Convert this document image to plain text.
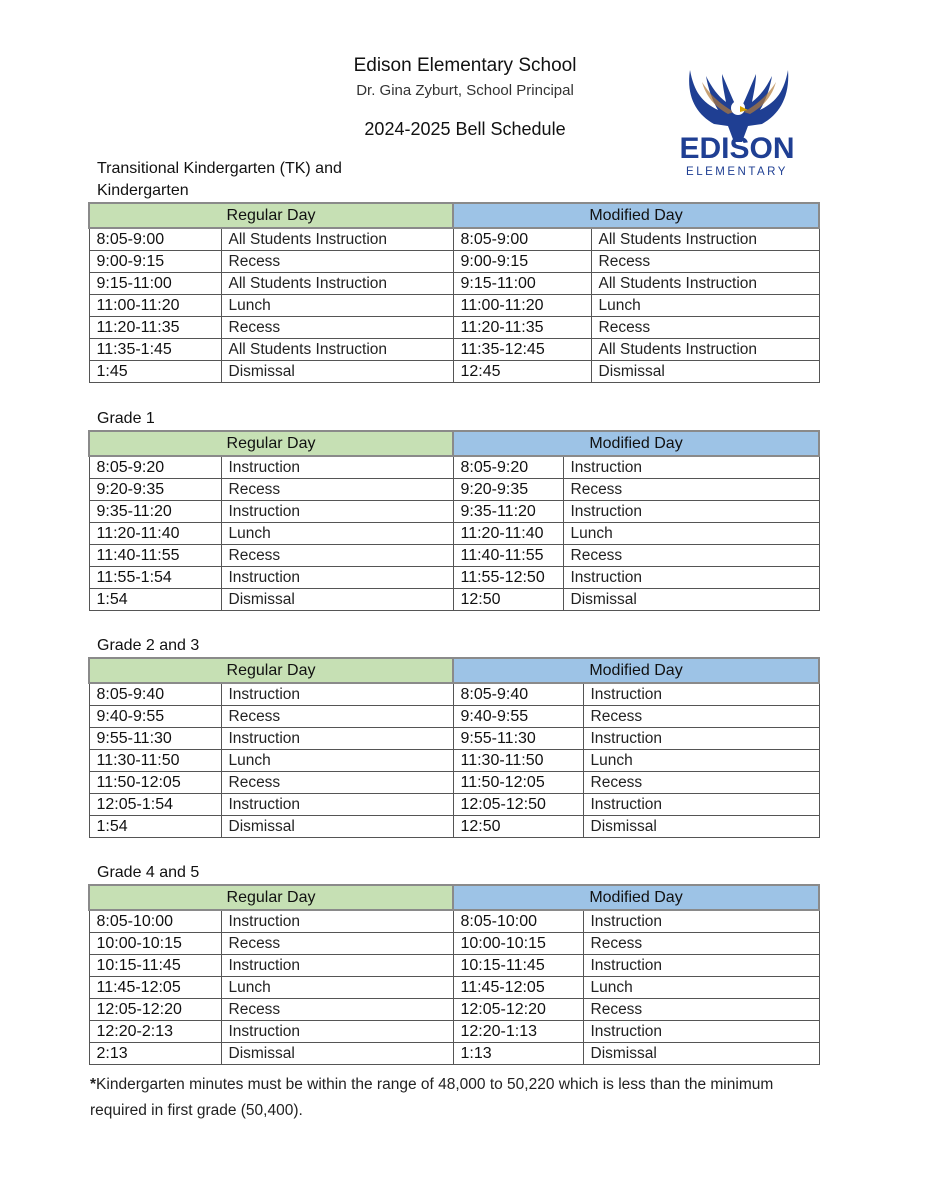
Edison Elementary School
Dr. Gina Zyburt, School Principal
2024-2025 Bell Schedule
EDISON
ELEMENTARY
Transitional Kindergarten (TK) and Kindergarten
Regular Day		Modified Day	
8:05-9:00	All Students Instruction	8:05-9:00	All Students Instruction
9:00-9:15	Recess	9:00-9:15	Recess
9:15-11:00	All Students Instruction	9:15-11:00	All Students Instruction
11:00-11:20	Lunch	11:00-11:20	Lunch
11:20-11:35	Recess	11:20-11:35	Recess
11:35-1:45	All Students Instruction	11:35-12:45	All Students Instruction
1:45	Dismissal	12:45	Dismissal
Grade 1
Regular Day		Modified Day	
8:05-9:20	Instruction	8:05-9:20	Instruction
9:20-9:35	Recess	9:20-9:35	Recess
9:35-11:20	Instruction	9:35-11:20	Instruction
11:20-11:40	Lunch	11:20-11:40	Lunch
11:40-11:55	Recess	11:40-11:55	Recess
11:55-1:54	Instruction	11:55-12:50	Instruction
1:54	Dismissal	12:50	Dismissal
Grade 2 and 3
Regular Day		Modified Day	
8:05-9:40	Instruction	8:05-9:40	Instruction
9:40-9:55	Recess	9:40-9:55	Recess
9:55-11:30	Instruction	9:55-11:30	Instruction
11:30-11:50	Lunch	11:30-11:50	Lunch
11:50-12:05	Recess	11:50-12:05	Recess
12:05-1:54	Instruction	12:05-12:50	Instruction
1:54	Dismissal	12:50	Dismissal
Grade 4 and 5
Regular Day		Modified Day	
8:05-10:00	Instruction	8:05-10:00	Instruction
10:00-10:15	Recess	10:00-10:15	Recess
10:15-11:45	Instruction	10:15-11:45	Instruction
11:45-12:05	Lunch	11:45-12:05	Lunch
12:05-12:20	Recess	12:05-12:20	Recess
12:20-2:13	Instruction	12:20-1:13	Instruction
2:13	Dismissal	1:13	Dismissal
*Kindergarten minutes must be within the range of 48,000 to 50,220 which is less than the minimum required in first grade (50,400).
